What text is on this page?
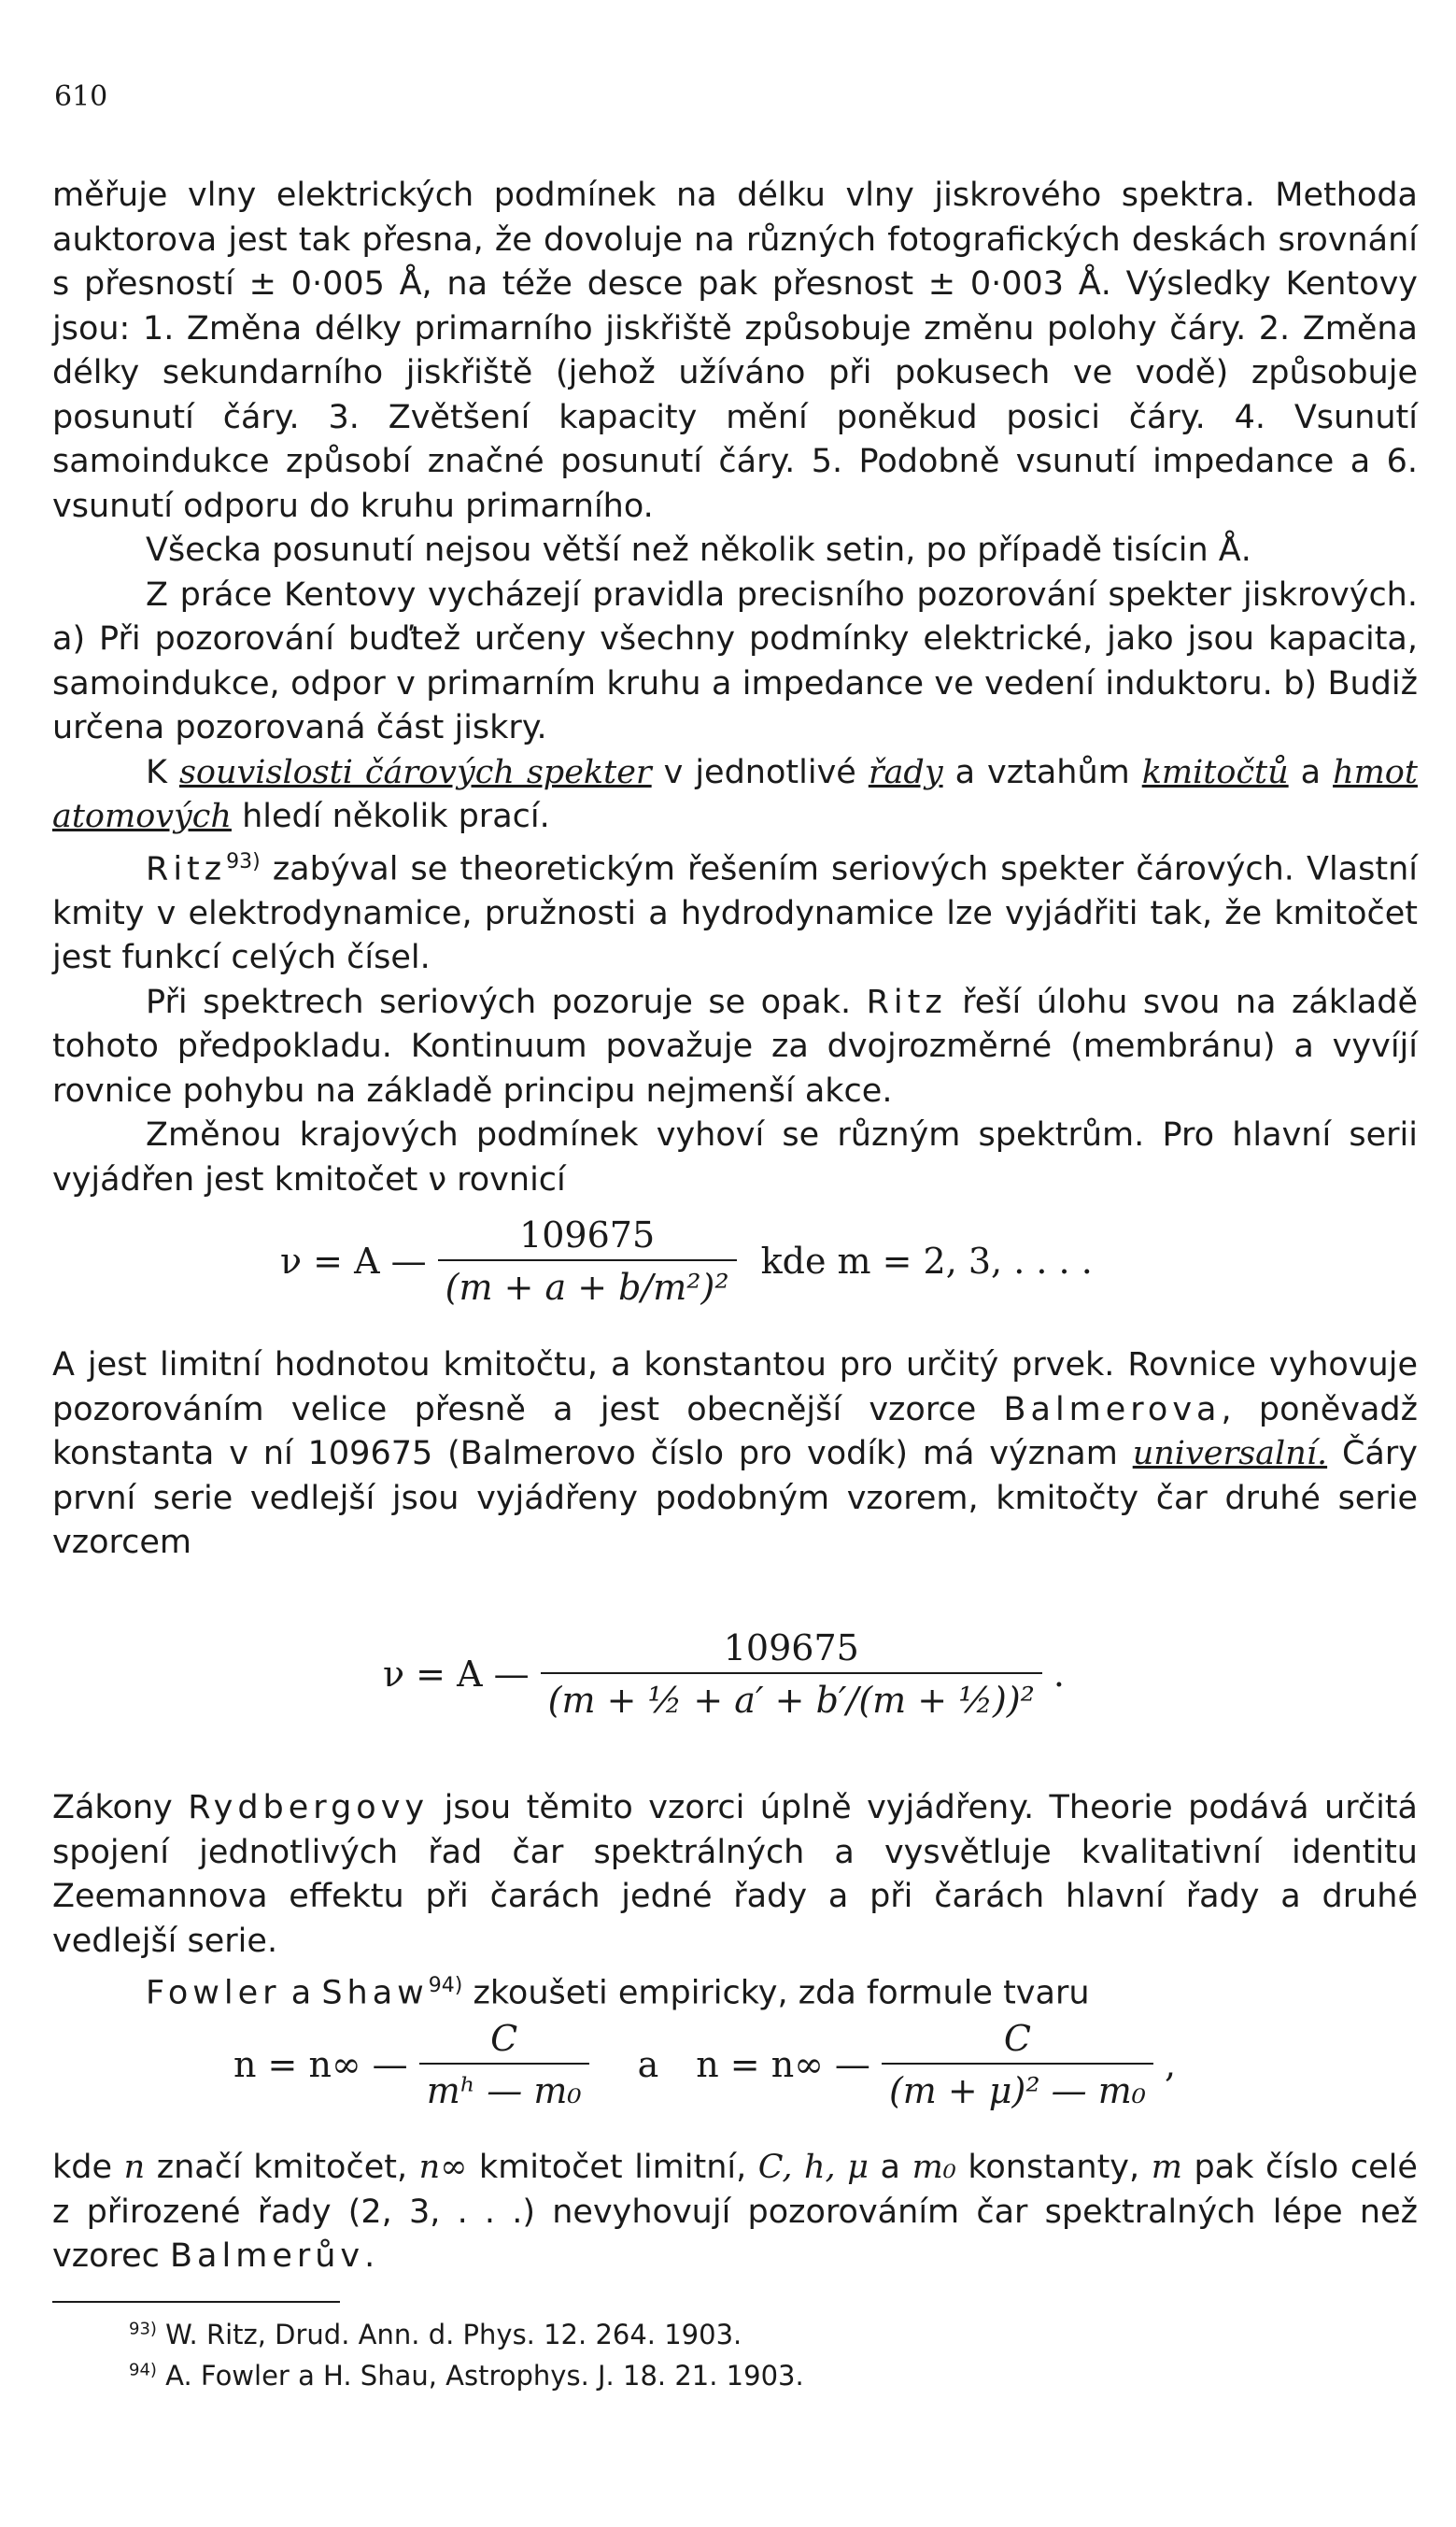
610

měřuje vlny elektrických podmínek na délku vlny jiskrového spektra. Methoda auktorova jest tak přesna, že dovoluje na různých fotografických deskách srovnání s přesností ± 0·005 Å, na téže desce pak přesnost ± 0·003 Å. Výsledky Kentovy jsou: 1. Změna délky primarního jiskřiště způsobuje změnu polohy čáry. 2. Změna délky sekundarního jiskřiště (jehož užíváno při pokusech ve vodě) způsobuje posunutí čáry. 3. Zvětšení kapacity mění poněkud posici čáry. 4. Vsunutí samoindukce způsobí značné posunutí čáry. 5. Podobně vsunutí impedance a 6. vsunutí odporu do kruhu primarního.

Všecka posunutí nejsou větší než několik setin, po případě tisícin Å.

Z práce Kentovy vycházejí pravidla precisního pozorování spekter jiskrových. a) Při pozorování buďtež určeny všechny podmínky elektrické, jako jsou kapacita, samoindukce, odpor v primarním kruhu a impedance ve vedení induktoru. b) Budiž určena pozorovaná část jiskry.

K souvislosti čárových spekter v jednotlivé řady a vztahům kmitočtů a hmot atomových hledí několik prací.

Ritz$^{93)}$ zabýval se theoretickým řešením seriových spekter čárových. Vlastní kmity v elektrodynamice, pružnosti a hydrodynamice lze vyjádřiti tak, že kmitočet jest funkcí celých čísel.

Při spektrech seriových pozoruje se opak. Ritz řeší úlohu svou na základě tohoto předpokladu. Kontinuum považuje za dvojrozměrné (membránu) a vyvíjí rovnice pohybu na základě principu nejmenší akce.

Změnou krajových podmínek vyhoví se různým spektrům. Pro hlavní serii vyjádřen jest kmitočet ν rovnicí

ν = A — $\frac{109675}{\text{(m + a + b/m²)²}}$ kde m = 2, 3, . . . .

A jest limitní hodnotou kmitočtu, a konstantou pro určitý prvek. Rovnice vyhovuje pozorováním velice přesně a jest obecnější vzorce Balmerova, poněvadž konstanta v ní 109675 (Balmerovo číslo pro vodík) má význam universalní. Čáry první serie vedlejší jsou vyjádřeny podobným vzorem, kmitočty čar druhé serie vzorcem

ν = A — $\frac{109675}{\text{(m + ½ + a′ + b′/(m + ½))²}}$ .

Zákony Rydbergovy jsou těmito vzorci úplně vyjádřeny. Theorie podává určitá spojení jednotlivých řad čar spektrálných a vysvětluje kvalitativní identitu Zeemannova effektu při čarách jedné řady a při čarách hlavní řady a druhé vedlejší serie.

Fowler a Shaw$^{94)}$ zkoušeti empiricky, zda formule tvaru

n = n∞ — $\frac{C}{\text{mʰ — m₀}}$ a n = n∞ — $\frac{C}{\text{(m + μ)² — m₀}}$ ,

kde n značí kmitočet, n∞ kmitočet limitní, C, h, μ a m₀ konstanty, m pak číslo celé z přirozené řady (2, 3, . . .) nevyhovují pozorováním čar spektralných lépe než vzorec Balmerův.

$^{93)}$ W. Ritz, Drud. Ann. d. Phys. 12. 264. 1903.
$^{94)}$ A. Fowler a H. Shau, Astrophys. J. 18. 21. 1903.
